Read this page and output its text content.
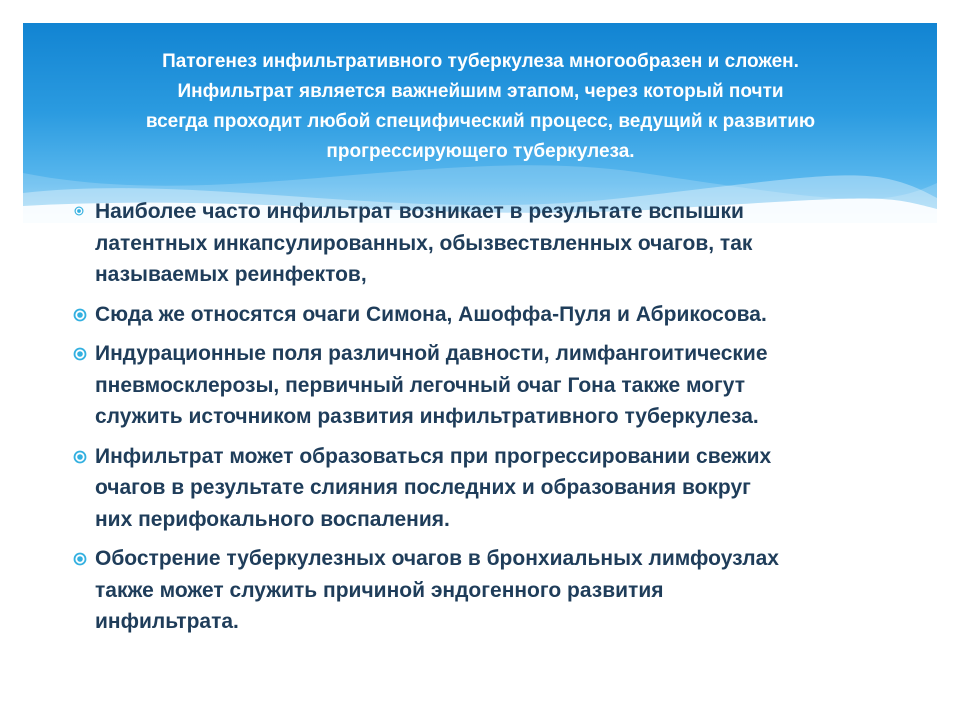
Патогенез инфильтративного туберкулеза многообразен и сложен.
Инфильтрат является важнейшим этапом, через который почти
всегда проходит любой специфический процесс, ведущий к развитию
прогрессирующего туберкулеза.
Наиболее часто инфильтрат возникает в результате вспышки
латентных инкапсулированных, обызвествленных очагов, так
называемых реинфектов,
Сюда же относятся очаги Симона, Ашоффа-Пуля и Абрикосова.
Индурационные поля различной давности, лимфангоитические
пневмосклерозы, первичный легочный очаг Гона также могут
служить источником развития инфильтративного туберкулеза.
Инфильтрат может образоваться при прогрессировании свежих
очагов в результате слияния последних и образования вокруг
них перифокального воспаления.
Обострение туберкулезных очагов в бронхиальных лимфоузлах
также может служить причиной эндогенного развития
инфильтрата.
